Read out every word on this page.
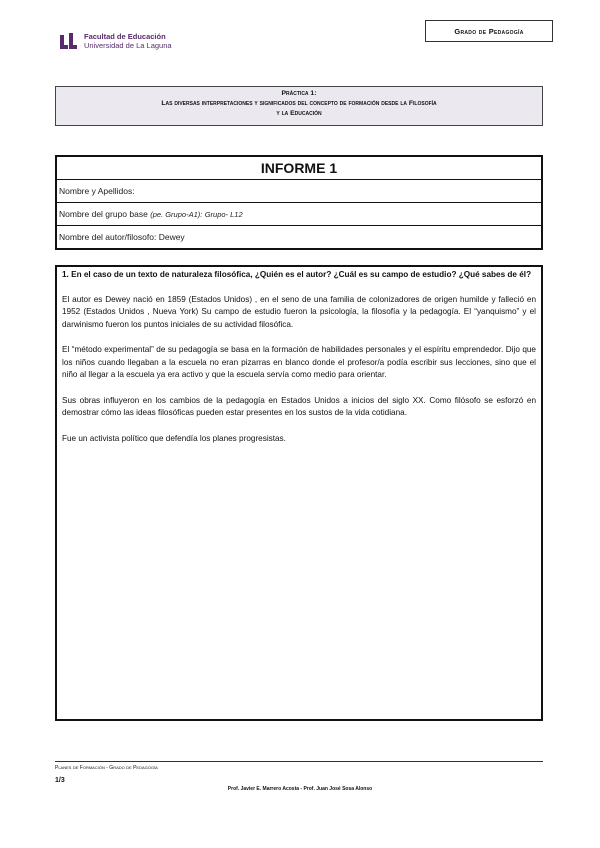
Facultad de Educación
Universidad de La Laguna
Grado de Pedagogía
Práctica 1:
Las diversas interpretaciones y significados del concepto de formación desde la Filosofía
y la Educación
INFORME 1
Nombre y Apellidos:
Nombre del grupo base (pe. Grupo-A1): Grupo- L12
Nombre del autor/filosofo: Dewey
1. En el caso de un texto de naturaleza filosófica, ¿Quién es el autor? ¿Cuál es su campo de estudio? ¿Qué sabes de él?

El autor es Dewey nació en 1859 (Estados Unidos) , en el seno de una familia de colonizadores de origen humilde y falleció en 1952 (Estados Unidos , Nueva York) Su campo de estudio fueron la psicología, la filosofía y la pedagogía. El “yanquismo” y el darwinismo fueron los puntos iniciales de su actividad filosófica.

El “método experimental” de su pedagogía se basa en la formación de habilidades personales y el espíritu emprendedor. Dijo que los niños cuando llegaban a la escuela no eran pizarras en blanco donde el profesor/a podía escribir sus lecciones, sino que el niño al llegar a la escuela ya era activo y que la escuela servía como medio para orientar.

Sus obras influyeron en los cambios de la pedagogía en Estados Unidos a inicios del siglo XX. Como filósofo se esforzó en demostrar cómo las ideas filosóficas pueden estar presentes en los sustos de la vida cotidiana.

Fue un activista político que defendía los planes progresistas.

Planes de Formación - Grado de Pedagogía
1/3
Prof. Javier E. Marrero Acosta - Prof. Juan José Sosa Alonso
